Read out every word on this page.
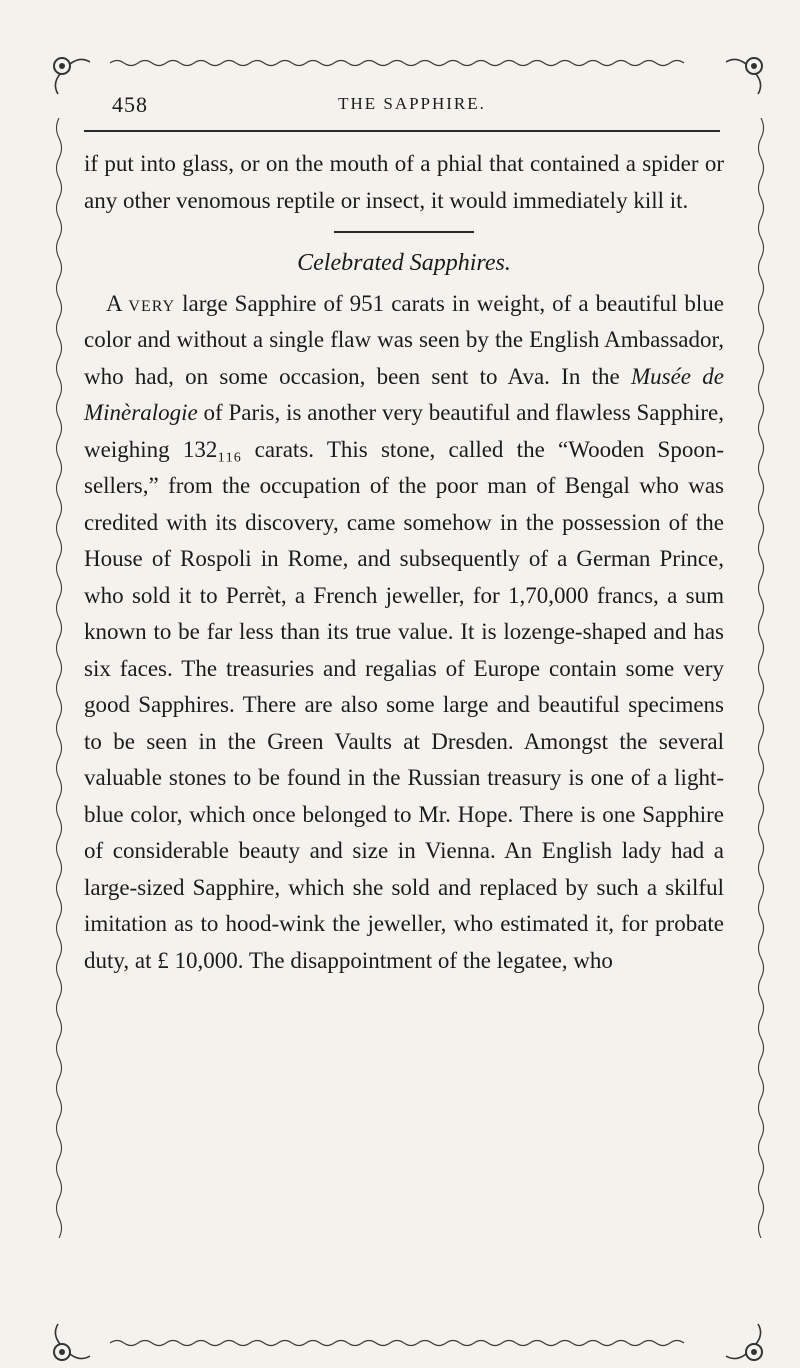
458	THE SAPPHIRE.

if put into glass, or on the mouth of a phial that contained a spider or any other venomous reptile or insect, it would immediately kill it.

Celebrated Sapphires.

A very large Sapphire of 951 carats in weight, of a beautiful blue color and without a single flaw was seen by the English Ambassador, who had, on some occasion, been sent to Ava. In the Musée de Minèralogie of Paris, is another very beautiful and flawless Sapphire, weighing 132₁₁₆ carats. This stone, called the “Wooden Spoon-sellers,” from the occupation of the poor man of Bengal who was credited with its discovery, came somehow in the possession of the House of Rospoli in Rome, and subsequently of a German Prince, who sold it to Perrèt, a French jeweller, for 1,70,000 francs, a sum known to be far less than its true value. It is lozenge-shaped and has six faces. The treasuries and regalias of Europe contain some very good Sapphires. There are also some large and beautiful specimens to be seen in the Green Vaults at Dresden. Amongst the several valuable stones to be found in the Russian treasury is one of a light-blue color, which once belonged to Mr. Hope. There is one Sapphire of considerable beauty and size in Vienna. An English lady had a large-sized Sapphire, which she sold and replaced by such a skilful imitation as to hood-wink the jeweller, who estimated it, for probate duty, at £ 10,000. The disappointment of the legatee, who
